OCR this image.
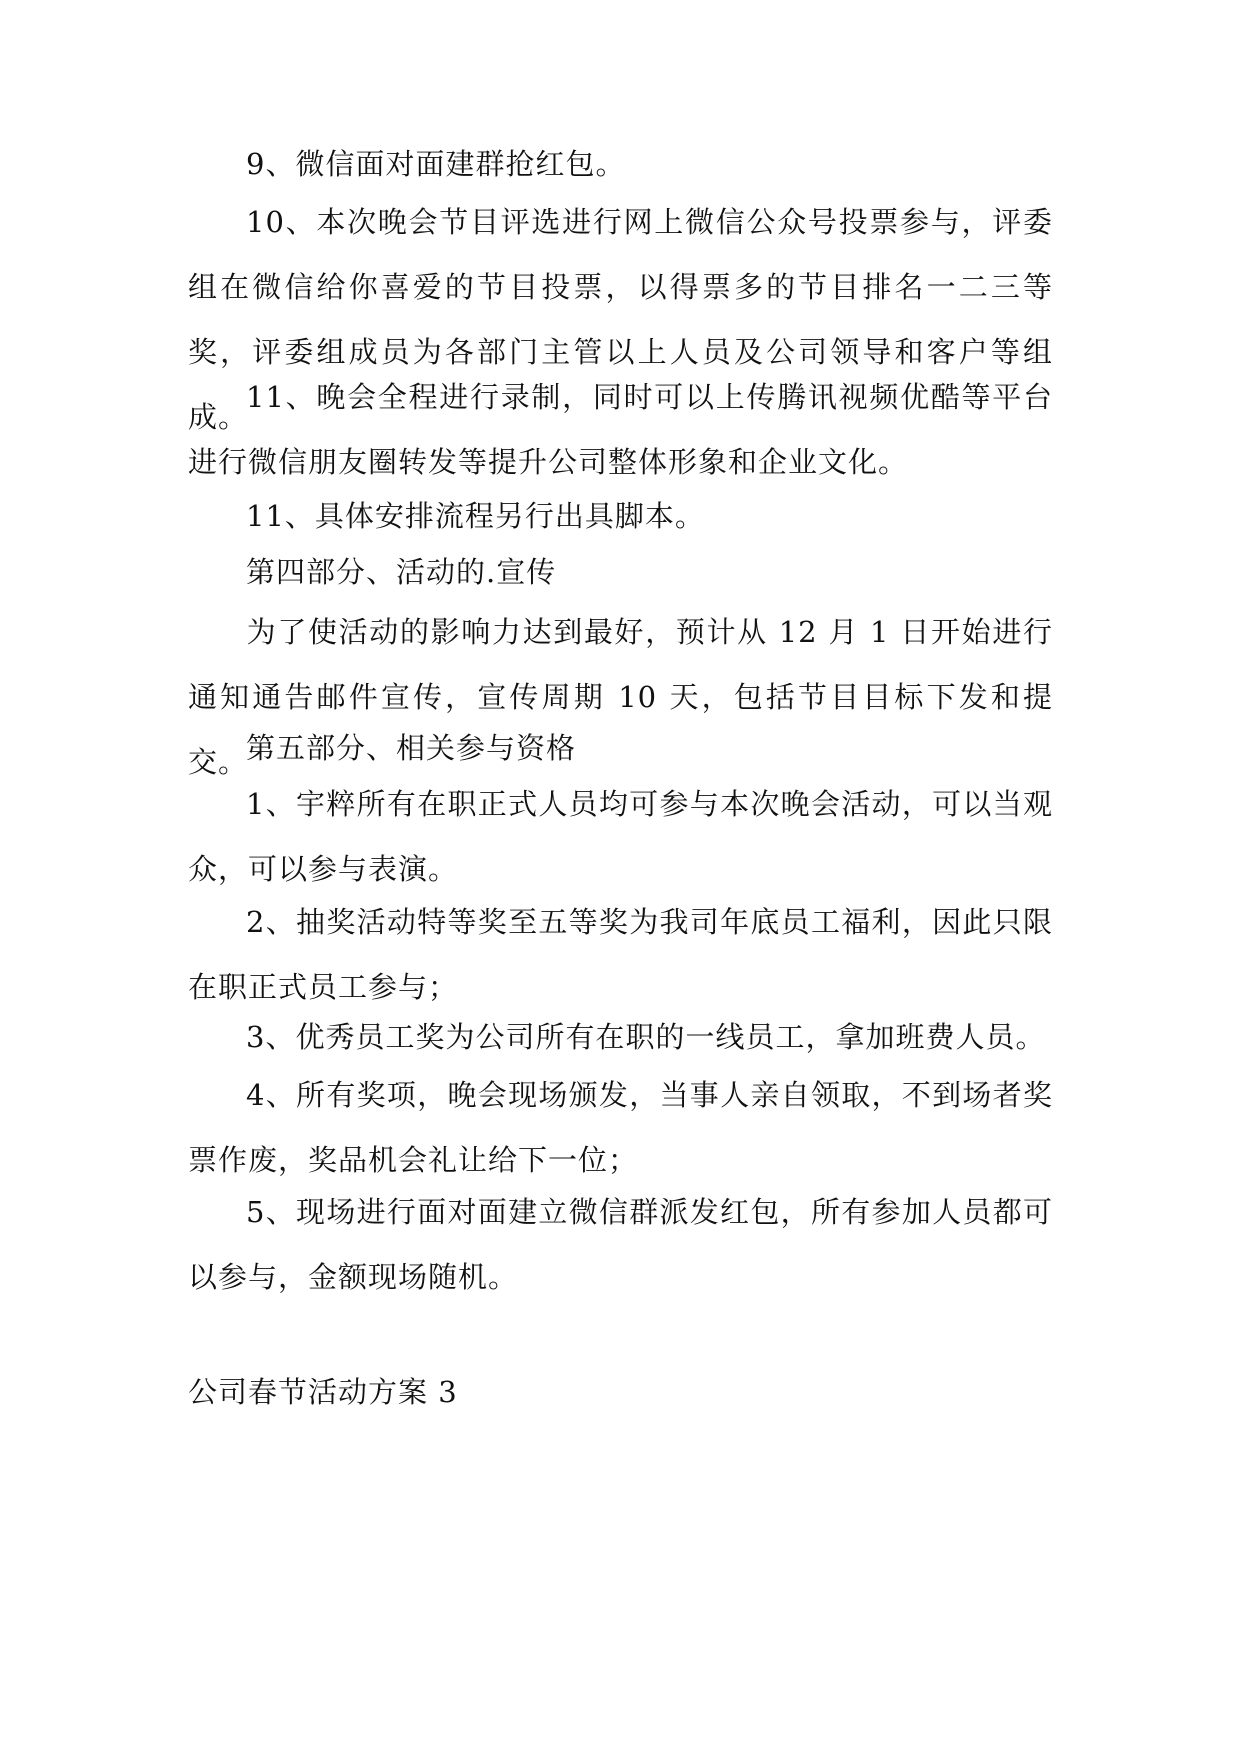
9、微信面对面建群抢红包。

10、本次晚会节目评选进行网上微信公众号投票参与，评委组在微信给你喜爱的节目投票，以得票多的节目排名一二三等奖，评委组成员为各部门主管以上人员及公司领导和客户等组成。

11、晚会全程进行录制，同时可以上传腾讯视频优酷等平台进行微信朋友圈转发等提升公司整体形象和企业文化。

11、具体安排流程另行出具脚本。

第四部分、活动的.宣传

为了使活动的影响力达到最好，预计从 12 月 1 日开始进行通知通告邮件宣传，宣传周期 10 天，包括节目目标下发和提交。

第五部分、相关参与资格

1、宇粹所有在职正式人员均可参与本次晚会活动，可以当观众，可以参与表演。

2、抽奖活动特等奖至五等奖为我司年底员工福利，因此只限在职正式员工参与；

3、优秀员工奖为公司所有在职的一线员工，拿加班费人员。

4、所有奖项，晚会现场颁发，当事人亲自领取，不到场者奖票作废，奖品机会礼让给下一位；

5、现场进行面对面建立微信群派发红包，所有参加人员都可以参与，金额现场随机。

公司春节活动方案 3
